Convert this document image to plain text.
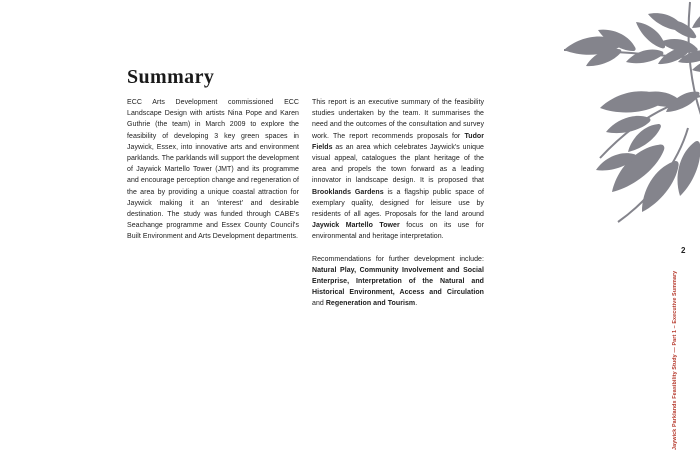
Summary

ECC Arts Development commissioned ECC Landscape Design with artists Nina Pope and Karen Guthrie (the team) in March 2009 to explore the feasibility of developing 3 key green spaces in Jaywick, Essex, into innovative arts and environment parklands. The parklands will support the development of Jaywick Martello Tower (JMT) and its programme and encourage perception change and regeneration of the area by providing a unique coastal attraction for Jaywick making it an 'interest' and desirable destination. The study was funded through CABE's Seachange programme and Essex County Council's Built Environment and Arts Development departments.

This report is an executive summary of the feasibility studies undertaken by the team. It summarises the need and the outcomes of the consultation and survey work. The report recommends proposals for Tudor Fields as an area which celebrates Jaywick's unique visual appeal, catalogues the plant heritage of the area and propels the town forward as a leading innovator in landscape design. It is proposed that Brooklands Gardens is a flagship public space of exemplary quality, designed for leisure use by residents of all ages. Proposals for the land around Jaywick Martello Tower focus on its use for environmental and heritage interpretation.

Recommendations for further development include: Natural Play, Community Involvement and Social Enterprise, Interpretation of the Natural and Historical Environment, Access and Circulation and Regeneration and Tourism.

2
Jaywick Parklands Feasibility Study — Part 1 – Executive Summary
